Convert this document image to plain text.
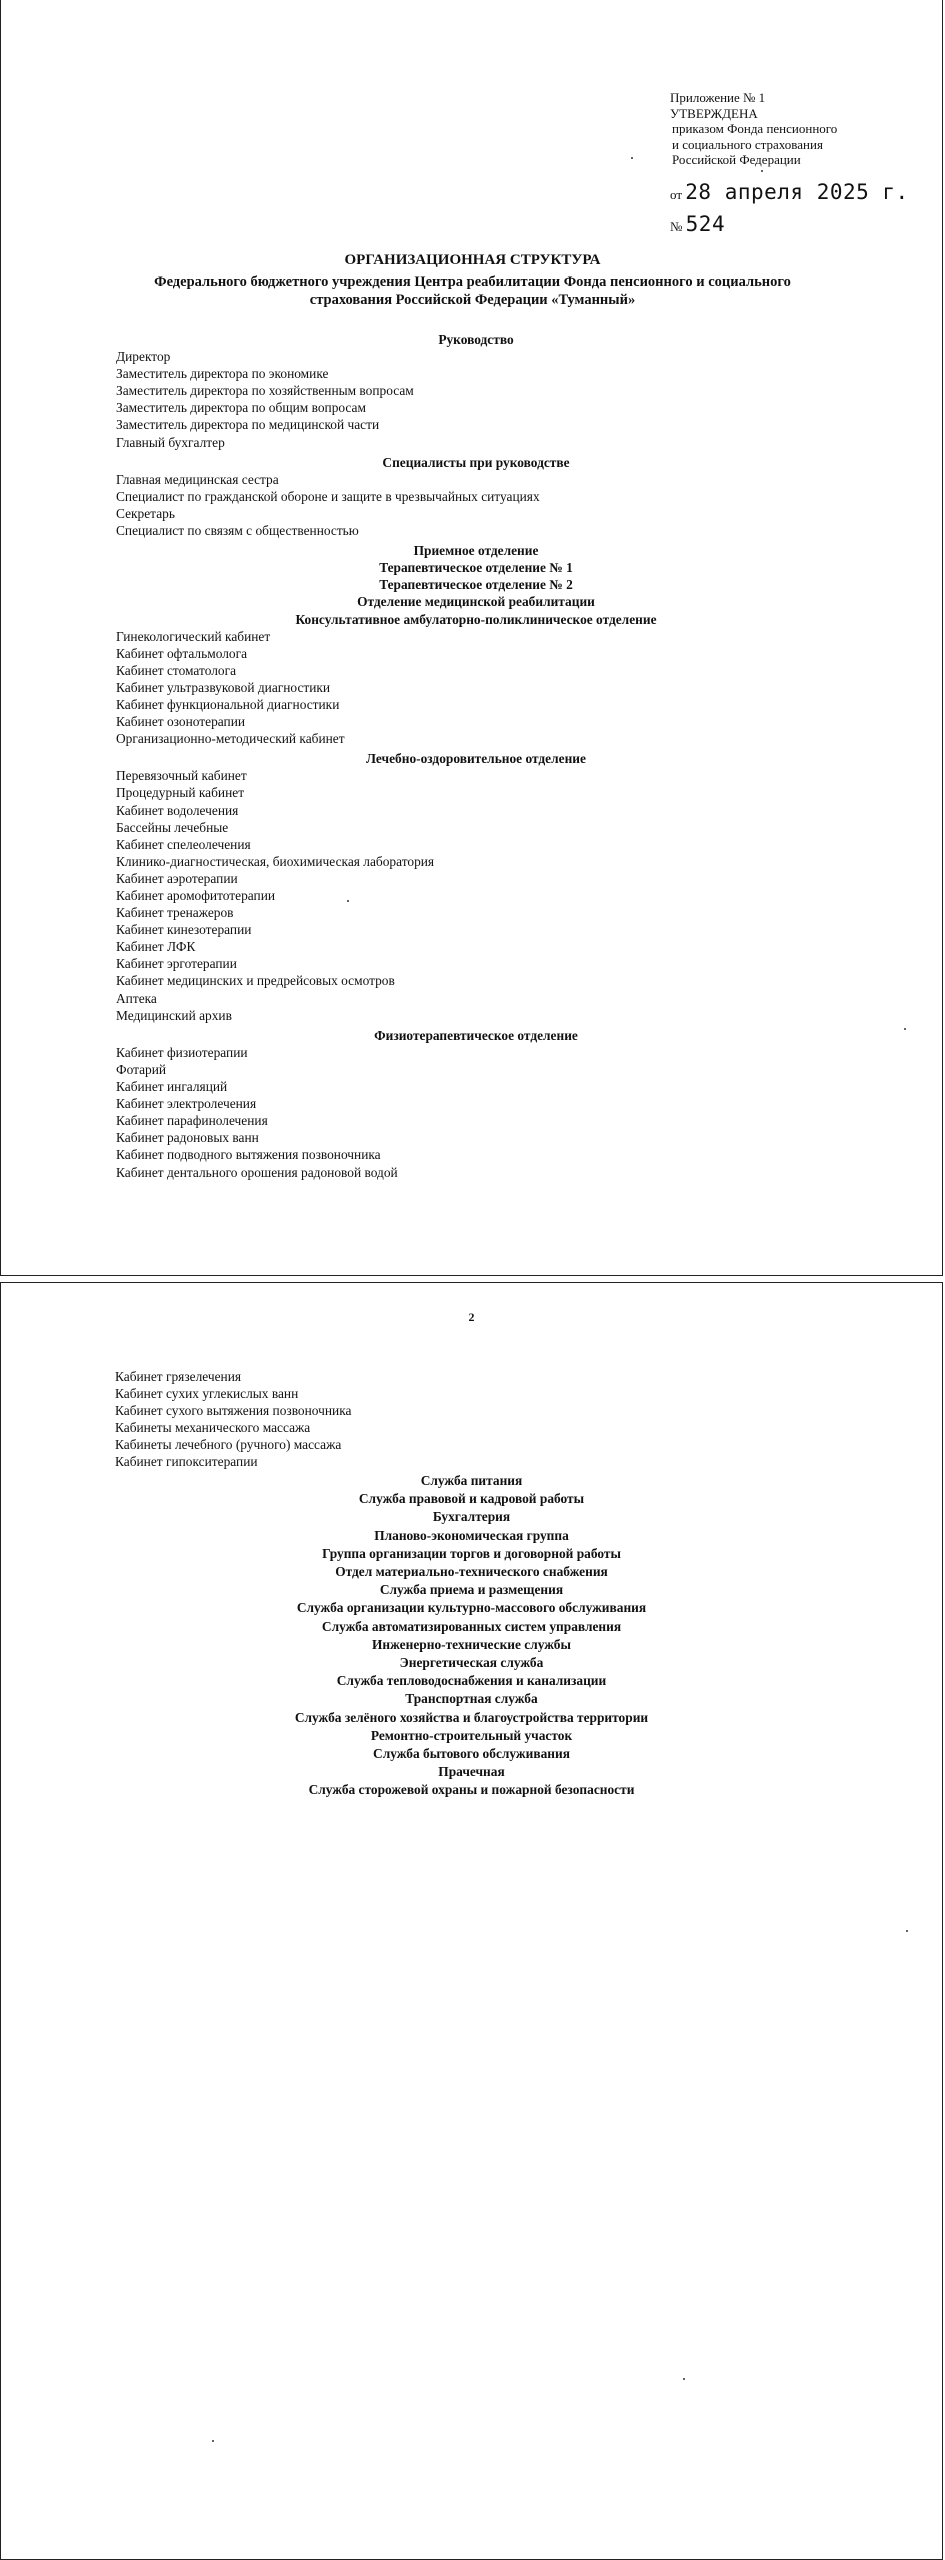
Приложение № 1
УТВЕРЖДЕНА
приказом Фонда пенсионного
и социального страхования
Российской Федерации
от 28 апреля 2025 г.
№ 524
ОРГАНИЗАЦИОННАЯ СТРУКТУРА
Федерального бюджетного учреждения Центра реабилитации Фонда пенсионного и социального
страхования Российской Федерации «Туманный»
Руководство
Директор
Заместитель директора по экономике
Заместитель директора по хозяйственным вопросам
Заместитель директора по общим вопросам
Заместитель директора по медицинской части
Главный бухгалтер
Специалисты при руководстве
Главная медицинская сестра
Специалист по гражданской обороне и защите в чрезвычайных ситуациях
Секретарь
Специалист по связям с общественностью
Приемное отделение
Терапевтическое отделение № 1
Терапевтическое отделение № 2
Отделение медицинской реабилитации
Консультативное амбулаторно-поликлиническое отделение
Гинекологический кабинет
Кабинет офтальмолога
Кабинет стоматолога
Кабинет ультразвуковой диагностики
Кабинет функциональной диагностики
Кабинет озонотерапии
Организационно-методический кабинет
Лечебно-оздоровительное отделение
Перевязочный кабинет
Процедурный кабинет
Кабинет водолечения
Бассейны лечебные
Кабинет спелеолечения
Клинико-диагностическая, биохимическая лаборатория
Кабинет аэротерапии
Кабинет аромофитотерапии
Кабинет тренажеров
Кабинет кинезотерапии
Кабинет ЛФК
Кабинет эрготерапии
Кабинет медицинских и предрейсовых осмотров
Аптека
Медицинский архив
Физиотерапевтическое отделение
Кабинет физиотерапии
Фотарий
Кабинет ингаляций
Кабинет электролечения
Кабинет парафинолечения
Кабинет радоновых ванн
Кабинет подводного вытяжения позвоночника
Кабинет дентального орошения радоновой водой
2
Кабинет грязелечения
Кабинет сухих углекислых ванн
Кабинет сухого вытяжения позвоночника
Кабинеты механического массажа
Кабинеты лечебного (ручного) массажа
Кабинет гипокситерапии
Служба питания
Служба правовой и кадровой работы
Бухгалтерия
Планово-экономическая группа
Группа организации торгов и договорной работы
Отдел материально-технического снабжения
Служба приема и размещения
Служба организации культурно-массового обслуживания
Служба автоматизированных систем управления
Инженерно-технические службы
Энергетическая служба
Служба тепловодоснабжения и канализации
Транспортная служба
Служба зелёного хозяйства и благоустройства территории
Ремонтно-строительный участок
Служба бытового обслуживания
Прачечная
Служба сторожевой охраны и пожарной безопасности
